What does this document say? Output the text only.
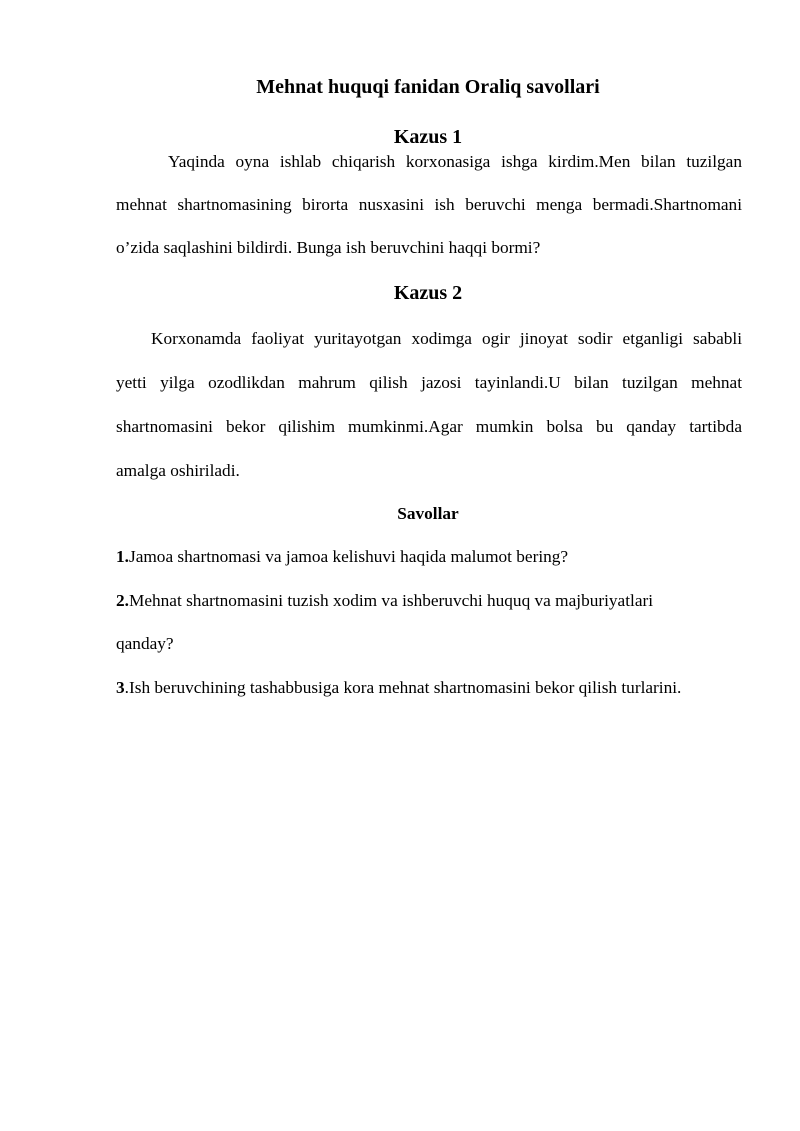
Mehnat huquqi fanidan Oraliq savollari
Kazus 1
Yaqinda oyna ishlab chiqarish korxonasiga ishga kirdim.Men bilan tuzilgan
mehnat shartnomasining birorta nusxasini ish beruvchi menga bermadi.Shartnomani
o’zida saqlashini bildirdi. Bunga ish beruvchini haqqi bormi?
Kazus 2
Korxonamda faoliyat yuritayotgan xodimga ogir jinoyat sodir etganligi sababli
yetti yilga ozodlikdan mahrum qilish jazosi tayinlandi.U bilan tuzilgan mehnat
shartnomasini bekor qilishim mumkinmi.Agar mumkin bolsa bu qanday tartibda
amalga oshiriladi.
Savollar
1.Jamoa shartnomasi va jamoa kelishuvi haqida malumot bering?
2.Mehnat shartnomasini tuzish xodim va ishberuvchi huquq va majburiyatlari
qanday?
3.Ish beruvchining tashabbusiga kora mehnat shartnomasini bekor qilish turlarini.
